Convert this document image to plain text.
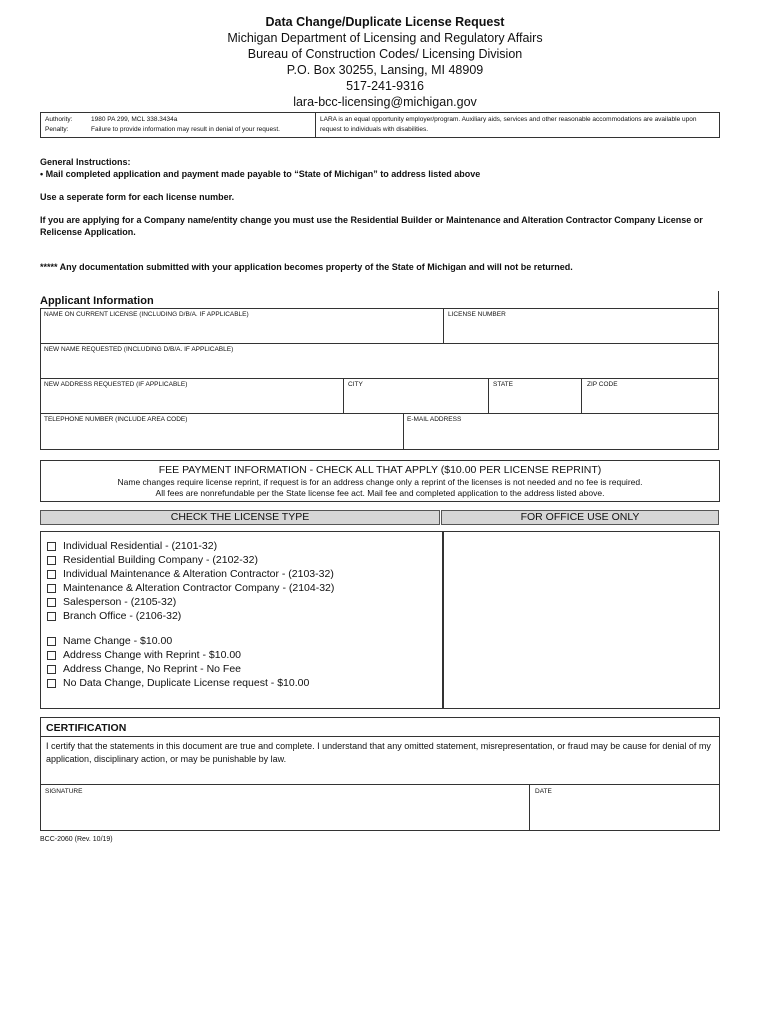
Data Change/Duplicate License Request
Michigan Department of Licensing and Regulatory Affairs
Bureau of Construction Codes/ Licensing Division
P.O. Box 30255, Lansing, MI 48909
517-241-9316
lara-bcc-licensing@michigan.gov
Authority:	1980 PA 299, MCL 338.3434a
Penalty:	Failure to provide information may result in denial of your request.
LARA is an equal opportunity employer/program. Auxiliary aids, services and other reasonable accommodations are available upon request to individuals with disabilities.
General Instructions:
• Mail completed application and payment made payable to “State of Michigan” to address listed above
Use a seperate form for each license number.
If you are applying for a Company name/entity change you must use the Residential Builder or Maintenance and Alteration Contractor Company License or Relicense Application.
***** Any documentation submitted with your application becomes property of the State of Michigan and will not be returned.
Applicant Information
NAME ON CURRENT LICENSE (INCLUDING D/B/A. IF APPLICABLE)	LICENSE NUMBER
NEW NAME REQUESTED (INCLUDING D/B/A. IF APPLICABLE)
NEW ADDRESS REQUESTED (IF APPLICABLE)	CITY	STATE	ZIP CODE
TELEPHONE NUMBER (INCLUDE AREA CODE)	E-MAIL ADDRESS
FEE PAYMENT INFORMATION - CHECK ALL THAT APPLY ($10.00 PER LICENSE REPRINT)
Name changes require license reprint, if request is for an address change only a reprint of the licenses is not needed and no fee is required.
All fees are nonrefundable per the State license fee act. Mail fee and completed application to the address listed above.
CHECK THE LICENSE TYPE	FOR OFFICE USE ONLY
Individual Residential - (2101-32)
Residential Building Company - (2102-32)
Individual Maintenance & Alteration Contractor - (2103-32)
Maintenance & Alteration Contractor Company - (2104-32)
Salesperson - (2105-32)
Branch Office - (2106-32)
Name Change - $10.00
Address Change with Reprint - $10.00
Address Change, No Reprint - No Fee
No Data Change, Duplicate License request - $10.00
CERTIFICATION
I certify that the statements in this document are true and complete. I understand that any omitted statement, misrepresentation, or fraud may be cause for denial of my application, disciplinary action, or may be punishable by law.
SIGNATURE	DATE
BCC-2060 (Rev. 10/19)
